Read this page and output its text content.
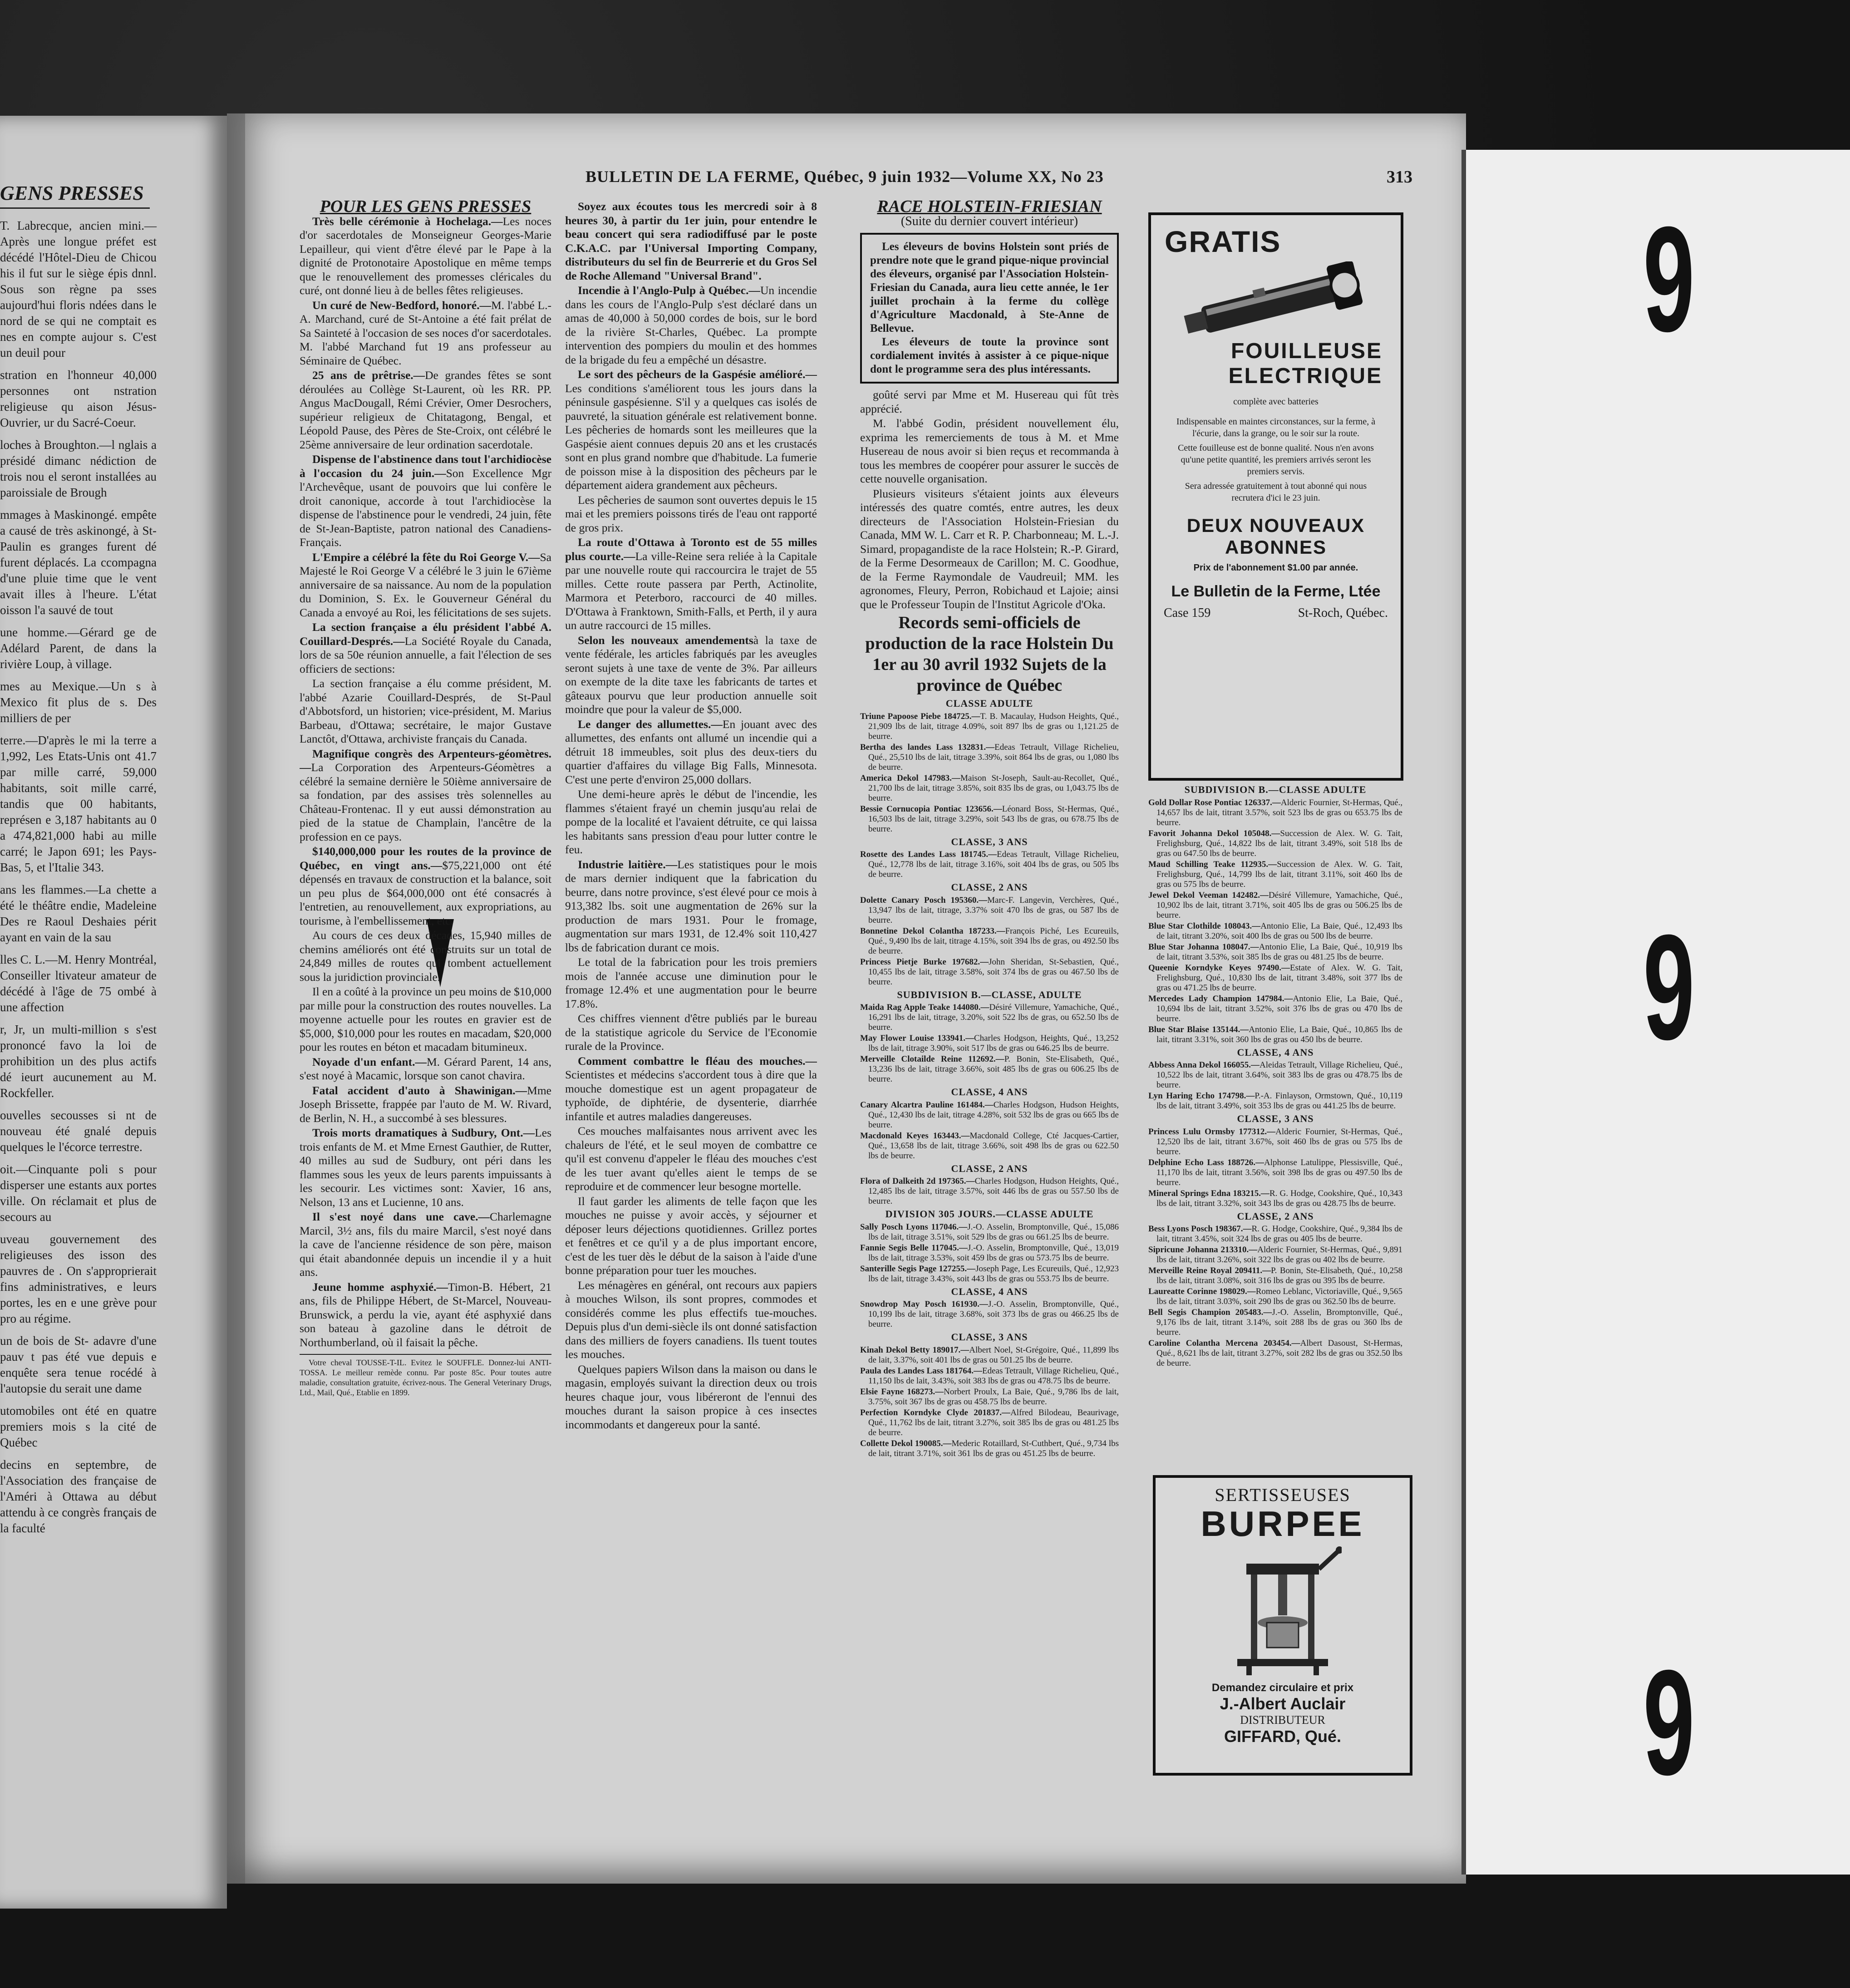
GENS PRESSES

T. Labrecque, ancien mini.—Après une longue préfet est décédé l'Hôtel-Dieu de Chicou his il fut sur le siège épis dnnl. Sous son règne pa sses aujourd'hui floris ndées dans le nord de se qui ne comptait es nes en compte aujour s. C'est un deuil pour

stration en l'honneur 40,000 personnes ont nstration religieuse qu aison Jésus-Ouvrier, ur du Sacré-Coeur.

loches à Broughton.—l nglais a présidé dimanc nédiction de trois nou el seront installées au paroissiale de Brough

mmages à Maskinongé. empête a causé de très askinongé, à St-Paulin es granges furent dé furent déplacés. La ccompagna d'une pluie time que le vent avait illes à l'heure. L'état oisson l'a sauvé de tout

une homme.—Gérard ge de Adélard Parent, de dans la rivière Loup, à village.

mes au Mexique.—Un s à Mexico fit plus de s. Des milliers de per

terre.—D'après le mi la terre a 1,992, Les Etats-Unis ont 41.7 par mille carré, 59,000 habitants, soit mille carré, tandis que 00 habitants, représen e 3,187 habitants au 0 a 474,821,000 habi au mille carré; le Japon 691; les Pays-Bas, 5, et l'Italie 343.

ans les flammes.—La chette a été le théâtre endie, Madeleine Des re Raoul Deshaies périt ayant en vain de la sau

lles C. L.—M. Henry Montréal, Conseiller ltivateur amateur de décédé à l'âge de 75 ombé à une affection

r, Jr, un multi-million s s'est prononcé favo la loi de prohibition un des plus actifs dé ieurt aucunement au M. Rockfeller.

ouvelles secousses si nt de nouveau été gnalé depuis quelques le l'écorce terrestre.

oit.—Cinquante poli s pour disperser une estants aux portes ville. On réclamait et plus de secours au

uveau gouvernement des religieuses des isson des pauvres de . On s'approprierait fins administratives, e leurs portes, les en e une grève pour pro au régime.

un de bois de St- adavre d'une pauv t pas été vue depuis e enquête sera tenue rocédé à l'autopsie du serait une dame

utomobiles ont été en quatre premiers mois s la cité de Québec

decins en septembre, de l'Association des française de l'Améri à Ottawa au début attendu à ce congrès français de la faculté

BULLETIN DE LA FERME, Québec, 9 juin 1932—Volume XX, No 23	313

POUR LES GENS PRESSES

Très belle cérémonie à Hochelaga.—Les noces d'or sacerdotales de Monseigneur Georges-Marie Lepailleur, qui vient d'être élevé par le Pape à la dignité de Protonotaire Apostolique en même temps que le renouvellement des promesses cléricales du curé, ont donné lieu à de belles fêtes religieuses.

Un curé de New-Bedford, honoré.—M. l'abbé L.-A. Marchand, curé de St-Antoine a été fait prélat de Sa Sainteté à l'occasion de ses noces d'or sacerdotales. M. l'abbé Marchand fut 19 ans professeur au Séminaire de Québec.

25 ans de prêtrise.—De grandes fêtes se sont déroulées au Collège St-Laurent, où les RR. PP. Angus MacDougall, Rémi Crévier, Omer Desrochers, supérieur religieux de Chitatagong, Bengal, et Léopold Pause, des Pères de Ste-Croix, ont célébré le 25ème anniversaire de leur ordination sacerdotale.

Dispense de l'abstinence dans tout l'archidiocèse à l'occasion du 24 juin.—Son Excellence Mgr l'Archevêque, usant de pouvoirs que lui confère le droit canonique, accorde à tout l'archidiocèse la dispense de l'abstinence pour le vendredi, 24 juin, fête de St-Jean-Baptiste, patron national des Canadiens-Français.

L'Empire a célébré la fête du Roi George V.—Sa Majesté le Roi George V a célébré le 3 juin le 67ième anniversaire de sa naissance. Au nom de la population du Dominion, S. Ex. le Gouverneur Général du Canada a envoyé au Roi, les félicitations de ses sujets.

La section française a élu président l'abbé A. Couillard-Després.—La Société Royale du Canada, lors de sa 50e réunion annuelle, a fait l'élection de ses officiers de sections:

La section française a élu comme président, M. l'abbé Azarie Couillard-Després, de St-Paul d'Abbotsford, un historien; vice-président, M. Marius Barbeau, d'Ottawa; secrétaire, le major Gustave Lanctôt, d'Ottawa, archiviste français du Canada.

Magnifique congrès des Arpenteurs-géomètres.—La Corporation des Arpenteurs-Géomètres a célébré la semaine dernière le 50ième anniversaire de sa fondation, par des assises très solennelles au Château-Frontenac. Il y eut aussi démonstration au pied de la statue de Champlain, l'ancêtre de la profession en ce pays.

$140,000,000 pour les routes de la province de Québec, en vingt ans.—$75,221,000 ont été dépensés en travaux de construction et la balance, soit un peu plus de $64,000,000 ont été consacrés à l'entretien, au renouvellement, aux expropriations, au tourisme, à l'embellissement, etc.

Au cours de ces deux décades, 15,940 milles de chemins améliorés ont été construits sur un total de 24,849 milles de routes qui tombent actuellement sous la juridiction provinciale.

Il en a coûté à la province un peu moins de $10,000 par mille pour la construction des routes nouvelles. La moyenne actuelle pour les routes en gravier est de $5,000, $10,000 pour les routes en macadam, $20,000 pour les routes en béton et macadam bitumineux.

Noyade d'un enfant.—M. Gérard Parent, 14 ans, s'est noyé à Macamic, lorsque son canot chavira.

Fatal accident d'auto à Shawinigan.—Mme Joseph Brissette, frappée par l'auto de M. W. Rivard, de Berlin, N. H., a succombé à ses blessures.

Trois morts dramatiques à Sudbury, Ont.—Les trois enfants de M. et Mme Ernest Gauthier, de Rutter, 40 milles au sud de Sudbury, ont péri dans les flammes sous les yeux de leurs parents impuissants à les secourir. Les victimes sont: Xavier, 16 ans, Nelson, 13 ans et Lucienne, 10 ans.

Il s'est noyé dans une cave.—Charlemagne Marcil, 3½ ans, fils du maire Marcil, s'est noyé dans la cave de l'ancienne résidence de son père, maison qui était abandonnée depuis un incendie il y a huit ans.

Jeune homme asphyxié.—Timon-B. Hébert, 21 ans, fils de Philippe Hébert, de St-Marcel, Nouveau-Brunswick, a perdu la vie, ayant été asphyxié dans son bateau à gazoline dans le détroit de Northumberland, où il faisait la pêche.

Votre cheval TOUSSE-T-IL. Evitez le SOUFFLE. Donnez-lui ANTI-TOSSA. Le meilleur remède connu. Par poste 85c. Pour toutes autre maladie, consultation gratuite, écrivez-nous. The General Veterinary Drugs, Ltd., Mail, Qué., Etablie en 1899.

Soyez aux écoutes tous les mercredi soir à 8 heures 30, à partir du 1er juin, pour entendre le beau concert qui sera radiodiffusé par le poste C.K.A.C. par l'Universal Importing Company, distributeurs du sel fin de Beurrerie et du Gros Sel de Roche Allemand "Universal Brand".

Incendie à l'Anglo-Pulp à Québec.—Un incendie dans les cours de l'Anglo-Pulp s'est déclaré dans un amas de 40,000 à 50,000 cordes de bois, sur le bord de la rivière St-Charles, Québec. La prompte intervention des pompiers du moulin et des hommes de la brigade du feu a empêché un désastre.

Le sort des pêcheurs de la Gaspésie amélioré.—Les conditions s'améliorent tous les jours dans la péninsule gaspésienne. S'il y a quelques cas isolés de pauvreté, la situation générale est relativement bonne. Les pêcheries de homards sont les meilleures que la Gaspésie aient connues depuis 20 ans et les crustacés sont en plus grand nombre que d'habitude. La fumerie de poisson mise à la disposition des pêcheurs par le département aidera grandement aux pêcheurs.

Les pêcheries de saumon sont ouvertes depuis le 15 mai et les premiers poissons tirés de l'eau ont rapporté de gros prix.

La route d'Ottawa à Toronto est de 55 milles plus courte.—La ville-Reine sera reliée à la Capitale par une nouvelle route qui raccourcira le trajet de 55 milles. Cette route passera par Perth, Actinolite, Marmora et Peterboro, raccourci de 40 milles. D'Ottawa à Franktown, Smith-Falls, et Perth, il y aura un autre raccourci de 15 milles.

Selon les nouveaux amendementsà la taxe de vente fédérale, les articles fabriqués par les aveugles seront sujets à une taxe de vente de 3%. Par ailleurs on exempte de la dite taxe les fabricants de tartes et gâteaux pourvu que leur production annuelle soit moindre que pour la valeur de $5,000.

Le danger des allumettes.—En jouant avec des allumettes, des enfants ont allumé un incendie qui a détruit 18 immeubles, soit plus des deux-tiers du quartier d'affaires du village Big Falls, Minnesota. C'est une perte d'environ 25,000 dollars.

Une demi-heure après le début de l'incendie, les flammes s'étaient frayé un chemin jusqu'au relai de pompe de la localité et l'avaient détruite, ce qui laissa les habitants sans pression d'eau pour lutter contre le feu.

Industrie laitière.—Les statistiques pour le mois de mars dernier indiquent que la fabrication du beurre, dans notre province, s'est élevé pour ce mois à 913,382 lbs. soit une augmentation de 26% sur la production de mars 1931. Pour le fromage, augmentation sur mars 1931, de 12.4% soit 110,427 lbs de fabrication durant ce mois.

Le total de la fabrication pour les trois premiers mois de l'année accuse une diminution pour le fromage 12.4% et une augmentation pour le beurre 17.8%.

Ces chiffres viennent d'être publiés par le bureau de la statistique agricole du Service de l'Economie rurale de la Province.

Comment combattre le fléau des mouches.—Scientistes et médecins s'accordent tous à dire que la mouche domestique est un agent propagateur de typhoïde, de diphtérie, de dysenterie, diarrhée infantile et autres maladies dangereuses.

Ces mouches malfaisantes nous arrivent avec les chaleurs de l'été, et le seul moyen de combattre ce qu'il est convenu d'appeler le fléau des mouches c'est de les tuer avant qu'elles aient le temps de se reproduire et de commencer leur besogne mortelle.

Il faut garder les aliments de telle façon que les mouches ne puisse y avoir accès, y séjourner et déposer leurs déjections quotidiennes. Grillez portes et fenêtres et ce qu'il y a de plus important encore, c'est de les tuer dès le début de la saison à l'aide d'une bonne préparation pour tuer les mouches.

Les ménagères en général, ont recours aux papiers à mouches Wilson, ils sont propres, commodes et considérés comme les plus effectifs tue-mouches. Depuis plus d'un demi-siècle ils ont donné satisfaction dans des milliers de foyers canadiens. Ils tuent toutes les mouches.

Quelques papiers Wilson dans la maison ou dans le magasin, employés suivant la direction deux ou trois heures chaque jour, vous libéreront de l'ennui des mouches durant la saison propice à ces insectes incommodants et dangereux pour la santé.

RACE HOLSTEIN-FRIESIAN

(Suite du dernier couvert intérieur)

Les éleveurs de bovins Holstein sont priés de prendre note que le grand pique-nique provincial des éleveurs, organisé par l'Association Holstein-Friesian du Canada, aura lieu cette année, le 1er juillet prochain à la ferme du collège d'Agriculture Macdonald, à Ste-Anne de Bellevue.

Les éleveurs de toute la province sont cordialement invités à assister à ce pique-nique dont le programme sera des plus intéressants.

goûté servi par Mme et M. Husereau qui fût très apprécié.

M. l'abbé Godin, président nouvellement élu, exprima les remerciements de tous à M. et Mme Husereau de nous avoir si bien reçus et recommanda à tous les membres de coopérer pour assurer le succès de cette nouvelle organisation.

Plusieurs visiteurs s'étaient joints aux éleveurs intéressés des quatre comtés, entre autres, les deux directeurs de l'Association Holstein-Friesian du Canada, MM W. L. Carr et R. P. Charbonneau; M. L.-J. Simard, propagandiste de la race Holstein; R.-P. Girard, de la Ferme Desormeaux de Carillon; M. C. Goodhue, de la Ferme Raymondale de Vaudreuil; MM. les agronomes, Fleury, Perron, Robichaud et Lajoie; ainsi que le Professeur Toupin de l'Institut Agricole d'Oka.

Records semi-officiels de production de la race Holstein Du 1er au 30 avril 1932 Sujets de la province de Québec

CLASSE ADULTE

Triune Papoose Piebe 184725.—T. B. Macaulay, Hudson Heights, Qué., 21,909 lbs de lait, titrage 4.09%, soit 897 lbs de gras ou 1,121.25 de beurre.

Bertha des landes Lass 132831.—Edeas Tetrault, Village Richelieu, Qué., 25,510 lbs de lait, titrage 3.39%, soit 864 lbs de gras, ou 1,080 lbs de beurre.

America Dekol 147983.—Maison St-Joseph, Sault-au-Recollet, Qué., 21,700 lbs de lait, titrage 3.85%, soit 835 lbs de gras, ou 1,043.75 lbs de beurre.

Bessie Cornucopia Pontiac 123656.—Léonard Boss, St-Hermas, Qué., 16,503 lbs de lait, titrage 3.29%, soit 543 lbs de gras, ou 678.75 lbs de beurre.

CLASSE, 3 ANS

Rosette des Landes Lass 181745.—Edeas Tetrault, Village Richelieu, Qué., 12,778 lbs de lait, titrage 3.16%, soit 404 lbs de gras, ou 505 lbs de beurre.

CLASSE, 2 ANS

Dolette Canary Posch 195360.—Marc-F. Langevin, Verchères, Qué., 13,947 lbs de lait, titrage, 3.37% soit 470 lbs de gras, ou 587 lbs de beurre.

Bonnetine Dekol Colantha 187233.—François Piché, Les Ecureuils, Qué., 9,490 lbs de lait, titrage 4.15%, soit 394 lbs de gras, ou 492.50 lbs de beurre.

Princess Pietje Burke 197682.—John Sheridan, St-Sebastien, Qué., 10,455 lbs de lait, titrage 3.58%, soit 374 lbs de gras ou 467.50 lbs de beurre.

SUBDIVISION B.—CLASSE, ADULTE

Maida Rag Apple Teake 144080.—Désiré Villemure, Yamachiche, Qué., 16,291 lbs de lait, titrage, 3.20%, soit 522 lbs de gras, ou 652.50 lbs de beurre.

May Flower Louise 133941.—Charles Hodgson, Heights, Qué., 13,252 lbs de lait, titrage 3.90%, soit 517 lbs de gras ou 646.25 lbs de beurre.

Merveille Clotailde Reine 112692.—P. Bonin, Ste-Elisabeth, Qué., 13,236 lbs de lait, titrage 3.66%, soit 485 lbs de gras ou 606.25 lbs de beurre.

CLASSE, 4 ANS

Canary Alcartra Pauline 161484.—Charles Hodgson, Hudson Heights, Qué., 12,430 lbs de lait, titrage 4.28%, soit 532 lbs de gras ou 665 lbs de beurre.

Macdonald Keyes 163443.—Macdonald College, Cté Jacques-Cartier, Qué., 13,658 lbs de lait, titrage 3.66%, soit 498 lbs de gras ou 622.50 lbs de beurre.

CLASSE, 2 ANS

Flora of Dalkeith 2d 197365.—Charles Hodgson, Hudson Heights, Qué., 12,485 lbs de lait, titrage 3.57%, soit 446 lbs de gras ou 557.50 lbs de beurre.

DIVISION 305 JOURS.—CLASSE ADULTE

Sally Posch Lyons 117046.—J.-O. Asselin, Bromptonville, Qué., 15,086 lbs de lait, titrage 3.51%, soit 529 lbs de gras ou 661.25 lbs de beurre.

Fannie Segis Belle 117045.—J.-O. Asselin, Bromptonville, Qué., 13,019 lbs de lait, titrage 3.53%, soit 459 lbs de gras ou 573.75 lbs de beurre.

Santerille Segis Page 127255.—Joseph Page, Les Ecureuils, Qué., 12,923 lbs de lait, titrage 3.43%, soit 443 lbs de gras ou 553.75 lbs de beurre.

CLASSE, 4 ANS

Snowdrop May Posch 161930.—J.-O. Asselin, Bromptonville, Qué., 10,199 lbs de lait, titrage 3.68%, soit 373 lbs de gras ou 466.25 lbs de beurre.

CLASSE, 3 ANS

Kinah Dekol Betty 189017.—Albert Noel, St-Grégoire, Qué., 11,899 lbs de lait, 3.37%, soit 401 lbs de gras ou 501.25 lbs de beurre.

Paula des Landes Lass 181764.—Edeas Tetrault, Village Richelieu, Qué., 11,150 lbs de lait, 3.43%, soit 383 lbs de gras ou 478.75 lbs de beurre.

Elsie Fayne 168273.—Norbert Proulx, La Baie, Qué., 9,786 lbs de lait, 3.75%, soit 367 lbs de gras ou 458.75 lbs de beurre.

Perfection Korndyke Clyde 201837.—Alfred Bilodeau, Beaurivage, Qué., 11,762 lbs de lait, titrant 3.27%, soit 385 lbs de gras ou 481.25 lbs de beurre.

Collette Dekol 190085.—Mederic Rotaillard, St-Cuthbert, Qué., 9,734 lbs de lait, titrant 3.71%, soit 361 lbs de gras ou 451.25 lbs de beurre.

SUBDIVISION B.—CLASSE ADULTE

Gold Dollar Rose Pontiac 126337.—Alderic Fournier, St-Hermas, Qué., 14,657 lbs de lait, titrant 3.57%, soit 523 lbs de gras ou 653.75 lbs de beurre.

Favorit Johanna Dekol 105048.—Succession de Alex. W. G. Tait, Frelighsburg, Qué., 14,822 lbs de lait, titrant 3.49%, soit 518 lbs de gras ou 647.50 lbs de beurre.

Maud Schilling Teake 112935.—Succession de Alex. W. G. Tait, Frelighsburg, Qué., 14,799 lbs de lait, titrant 3.11%, soit 460 lbs de gras ou 575 lbs de beurre.

Jewel Dekol Veeman 142482.—Désiré Villemure, Yamachiche, Qué., 10,902 lbs de lait, titrant 3.71%, soit 405 lbs de gras ou 506.25 lbs de beurre.

Blue Star Clothilde 108043.—Antonio Elie, La Baie, Qué., 12,493 lbs de lait, titrant 3.20%, soit 400 lbs de gras ou 500 lbs de beurre.

Blue Star Johanna 108047.—Antonio Elie, La Baie, Qué., 10,919 lbs de lait, titrant 3.53%, soit 385 lbs de gras ou 481.25 lbs de beurre.

Queenie Korndyke Keyes 97490.—Estate of Alex. W. G. Tait, Frelighsburg, Qué., 10,830 lbs de lait, titrant 3.48%, soit 377 lbs de gras ou 471.25 lbs de beurre.

Mercedes Lady Champion 147984.—Antonio Elie, La Baie, Qué., 10,694 lbs de lait, titrant 3.52%, soit 376 lbs de gras ou 470 lbs de beurre.

Blue Star Blaise 135144.—Antonio Elie, La Baie, Qué., 10,865 lbs de lait, titrant 3.31%, soit 360 lbs de gras ou 450 lbs de beurre.

CLASSE, 4 ANS

Abbess Anna Dekol 166055.—Aleidas Tetrault, Village Richelieu, Qué., 10,522 lbs de lait, titrant 3.64%, soit 383 lbs de gras ou 478.75 lbs de beurre.

Lyn Haring Echo 174798.—P.-A. Finlayson, Ormstown, Qué., 10,119 lbs de lait, titrant 3.49%, soit 353 lbs de gras ou 441.25 lbs de beurre.

CLASSE, 3 ANS

Princess Lulu Ormsby 177312.—Alderic Fournier, St-Hermas, Qué., 12,520 lbs de lait, titrant 3.67%, soit 460 lbs de gras ou 575 lbs de beurre.

Delphine Echo Lass 188726.—Alphonse Latulippe, Plessisville, Qué., 11,170 lbs de lait, titrant 3.56%, soit 398 lbs de gras ou 497.50 lbs de beurre.

Mineral Springs Edna 183215.—R. G. Hodge, Cookshire, Qué., 10,343 lbs de lait, titrant 3.32%, soit 343 lbs de gras ou 428.75 lbs de beurre.

CLASSE, 2 ANS

Bess Lyons Posch 198367.—R. G. Hodge, Cookshire, Qué., 9,384 lbs de lait, titrant 3.45%, soit 324 lbs de gras ou 405 lbs de beurre.

Sipricune Johanna 213310.—Alderic Fournier, St-Hermas, Qué., 9,891 lbs de lait, titrant 3.26%, soit 322 lbs de gras ou 402 lbs de beurre.

Merveille Reine Royal 209411.—P. Bonin, Ste-Elisabeth, Qué., 10,258 lbs de lait, titrant 3.08%, soit 316 lbs de gras ou 395 lbs de beurre.

Laureatte Corinne 198029.—Romeo Leblanc, Victoriaville, Qué., 9,565 lbs de lait, titrant 3.03%, soit 290 lbs de gras ou 362.50 lbs de beurre.

Bell Segis Champion 205483.—J.-O. Asselin, Bromptonville, Qué., 9,176 lbs de lait, titrant 3.14%, soit 288 lbs de gras ou 360 lbs de beurre.

Caroline Colantha Mercena 203454.—Albert Dasoust, St-Hermas, Qué., 8,621 lbs de lait, titrant 3.27%, soit 282 lbs de gras ou 352.50 lbs de beurre.

GRATIS
FOUILLEUSE
ELECTRIQUE
complète avec batteries
Indispensable en maintes circonstances, sur la ferme, à l'écurie, dans la grange, ou le soir sur la route.
Cette fouilleuse est de bonne qualité. Nous n'en avons qu'une petite quantité, les premiers arrivés seront les premiers servis.
Sera adressée gratuitement à tout abonné qui nous recrutera d'ici le 23 juin.
DEUX NOUVEAUX ABONNES
Prix de l'abonnement $1.00 par année.
Le Bulletin de la Ferme, Ltée
Case 159	St-Roch, Québec.
SERTISSEUSES
BURPEE
Demandez circulaire et prix
J.-Albert Auclair
DISTRIBUTEUR
GIFFARD, Qué.
9
9
9
